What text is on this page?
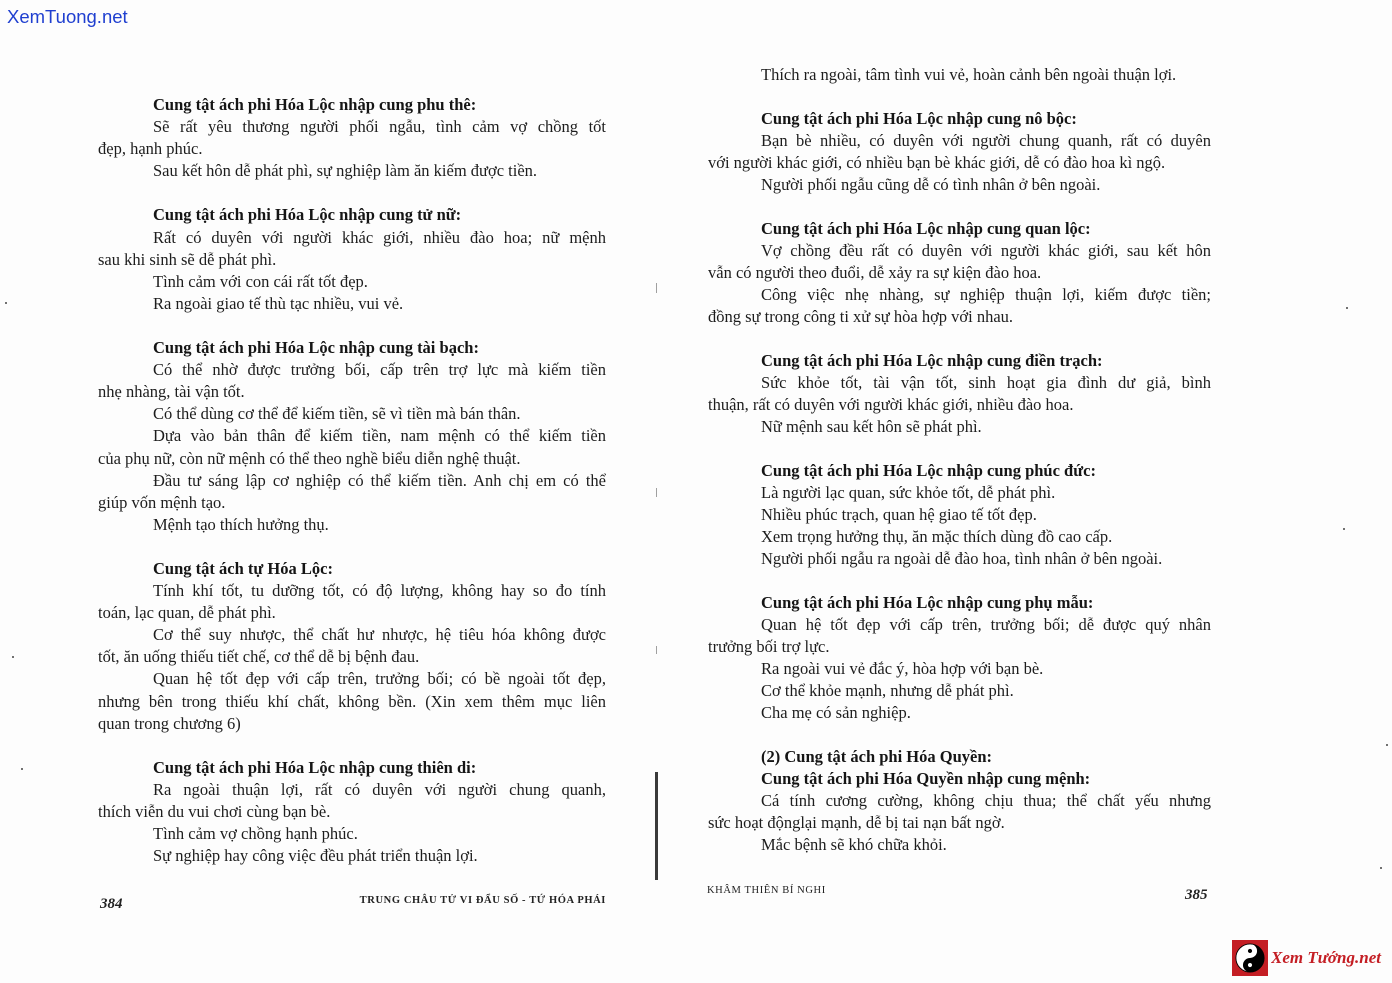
XemTuong.net
Cung tật ách phi Hóa Lộc nhập cung phu thê:
Sẽ rất yêu thương người phối ngẫu, tình cảm vợ chồng tốt
đẹp, hạnh phúc.
Sau kết hôn dễ phát phì, sự nghiệp làm ăn kiếm được tiền.
Cung tật ách phi Hóa Lộc nhập cung tử nữ:
Rất có duyên với người khác giới, nhiều đào hoa; nữ mệnh
sau khi sinh sẽ dễ phát phì.
Tình cảm với con cái rất tốt đẹp.
Ra ngoài giao tế thù tạc nhiều, vui vẻ.
Cung tật ách phi Hóa Lộc nhập cung tài bạch:
Có thể nhờ được trưởng bối, cấp trên trợ lực mà kiếm tiền
nhẹ nhàng, tài vận tốt.
Có thể dùng cơ thể để kiếm tiền, sẽ vì tiền mà bán thân.
Dựa vào bản thân để kiếm tiền, nam mệnh có thể kiếm tiền
của phụ nữ, còn nữ mệnh có thể theo nghề biểu diễn nghệ thuật.
Đầu tư sáng lập cơ nghiệp có thể kiếm tiền. Anh chị em có thể
giúp vốn mệnh tạo.
Mệnh tạo thích hưởng thụ.
Cung tật ách tự Hóa Lộc:
Tính khí tốt, tu dưỡng tốt, có độ lượng, không hay so đo tính
toán, lạc quan, dễ phát phì.
Cơ thể suy nhược, thể chất hư nhược, hệ tiêu hóa không được
tốt, ăn uống thiếu tiết chế, cơ thể dễ bị bệnh đau.
Quan hệ tốt đẹp với cấp trên, trưởng bối; có bề ngoài tốt đẹp,
nhưng bên trong thiếu khí chất, không bền. (Xin xem thêm mục liên
quan trong chương 6)
Cung tật ách phi Hóa Lộc nhập cung thiên di:
Ra ngoài thuận lợi, rất có duyên với người chung quanh,
thích viễn du vui chơi cùng bạn bè.
Tình cảm vợ chồng hạnh phúc.
Sự nghiệp hay công việc đều phát triển thuận lợi.
384	TRUNG CHÂU TỬ VI ĐẨU SỐ - TỨ HÓA PHÁI
Thích ra ngoài, tâm tình vui vẻ, hoàn cảnh bên ngoài thuận lợi.
Cung tật ách phi Hóa Lộc nhập cung nô bộc:
Bạn bè nhiều, có duyên với người chung quanh, rất có duyên
với người khác giới, có nhiều bạn bè khác giới, dễ có đào hoa kì ngộ.
Người phối ngẫu cũng dễ có tình nhân ở bên ngoài.
Cung tật ách phi Hóa Lộc nhập cung quan lộc:
Vợ chồng đều rất có duyên với người khác giới, sau kết hôn
vẫn có người theo đuổi, dễ xảy ra sự kiện đào hoa.
Công việc nhẹ nhàng, sự nghiệp thuận lợi, kiếm được tiền;
đồng sự trong công ti xử sự hòa hợp với nhau.
Cung tật ách phi Hóa Lộc nhập cung điền trạch:
Sức khỏe tốt, tài vận tốt, sinh hoạt gia đình dư giả, bình
thuận, rất có duyên với người khác giới, nhiều đào hoa.
Nữ mệnh sau kết hôn sẽ phát phì.
Cung tật ách phi Hóa Lộc nhập cung phúc đức:
Là người lạc quan, sức khỏe tốt, dễ phát phì.
Nhiều phúc trạch, quan hệ giao tế tốt đẹp.
Xem trọng hưởng thụ, ăn mặc thích dùng đồ cao cấp.
Người phối ngẫu ra ngoài dễ đào hoa, tình nhân ở bên ngoài.
Cung tật ách phi Hóa Lộc nhập cung phụ mẫu:
Quan hệ tốt đẹp với cấp trên, trưởng bối; dễ được quý nhân
trưởng bối trợ lực.
Ra ngoài vui vẻ đắc ý, hòa hợp với bạn bè.
Cơ thể khỏe mạnh, nhưng dễ phát phì.
Cha mẹ có sản nghiệp.
(2) Cung tật ách phi Hóa Quyền:
Cung tật ách phi Hóa Quyền nhập cung mệnh:
Cá tính cương cường, không chịu thua; thể chất yếu nhưng
sức hoạt độnglại mạnh, dễ bị tai nạn bất ngờ.
Mắc bệnh sẽ khó chữa khỏi.
KHÂM THIÊN BÍ NGHI	385
Xem Tướng.net
